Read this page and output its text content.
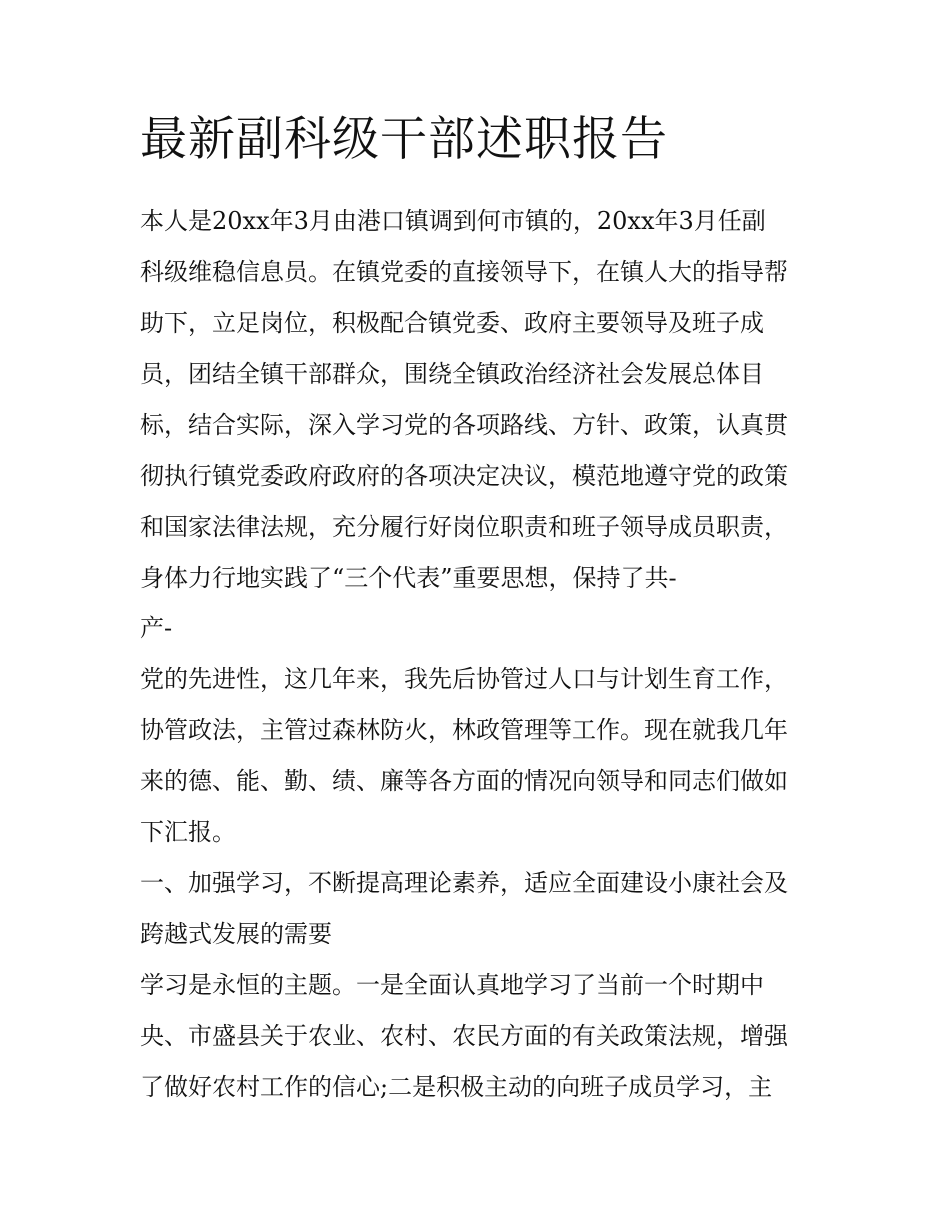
最新副科级干部述职报告

本人是20xx年3月由港口镇调到何市镇的，20xx年3月任副

科级维稳信息员。在镇党委的直接领导下，在镇人大的指导帮

助下，立足岗位，积极配合镇党委、政府主要领导及班子成

员，团结全镇干部群众，围绕全镇政治经济社会发展总体目

标，结合实际，深入学习党的各项路线、方针、政策，认真贯

彻执行镇党委政府政府的各项决定决议，模范地遵守党的政策

和国家法律法规，充分履行好岗位职责和班子领导成员职责，

身体力行地实践了“三个代表”重要思想，保持了共-

产-

党的先进性，这几年来，我先后协管过人口与计划生育工作，

协管政法，主管过森林防火，林政管理等工作。现在就我几年

来的德、能、勤、绩、廉等各方面的情况向领导和同志们做如

下汇报。

一、加强学习，不断提高理论素养，适应全面建设小康社会及

跨越式发展的需要

学习是永恒的主题。一是全面认真地学习了当前一个时期中

央、市盛县关于农业、农村、农民方面的有关政策法规，增强

了做好农村工作的信心;二是积极主动的向班子成员学习，主
